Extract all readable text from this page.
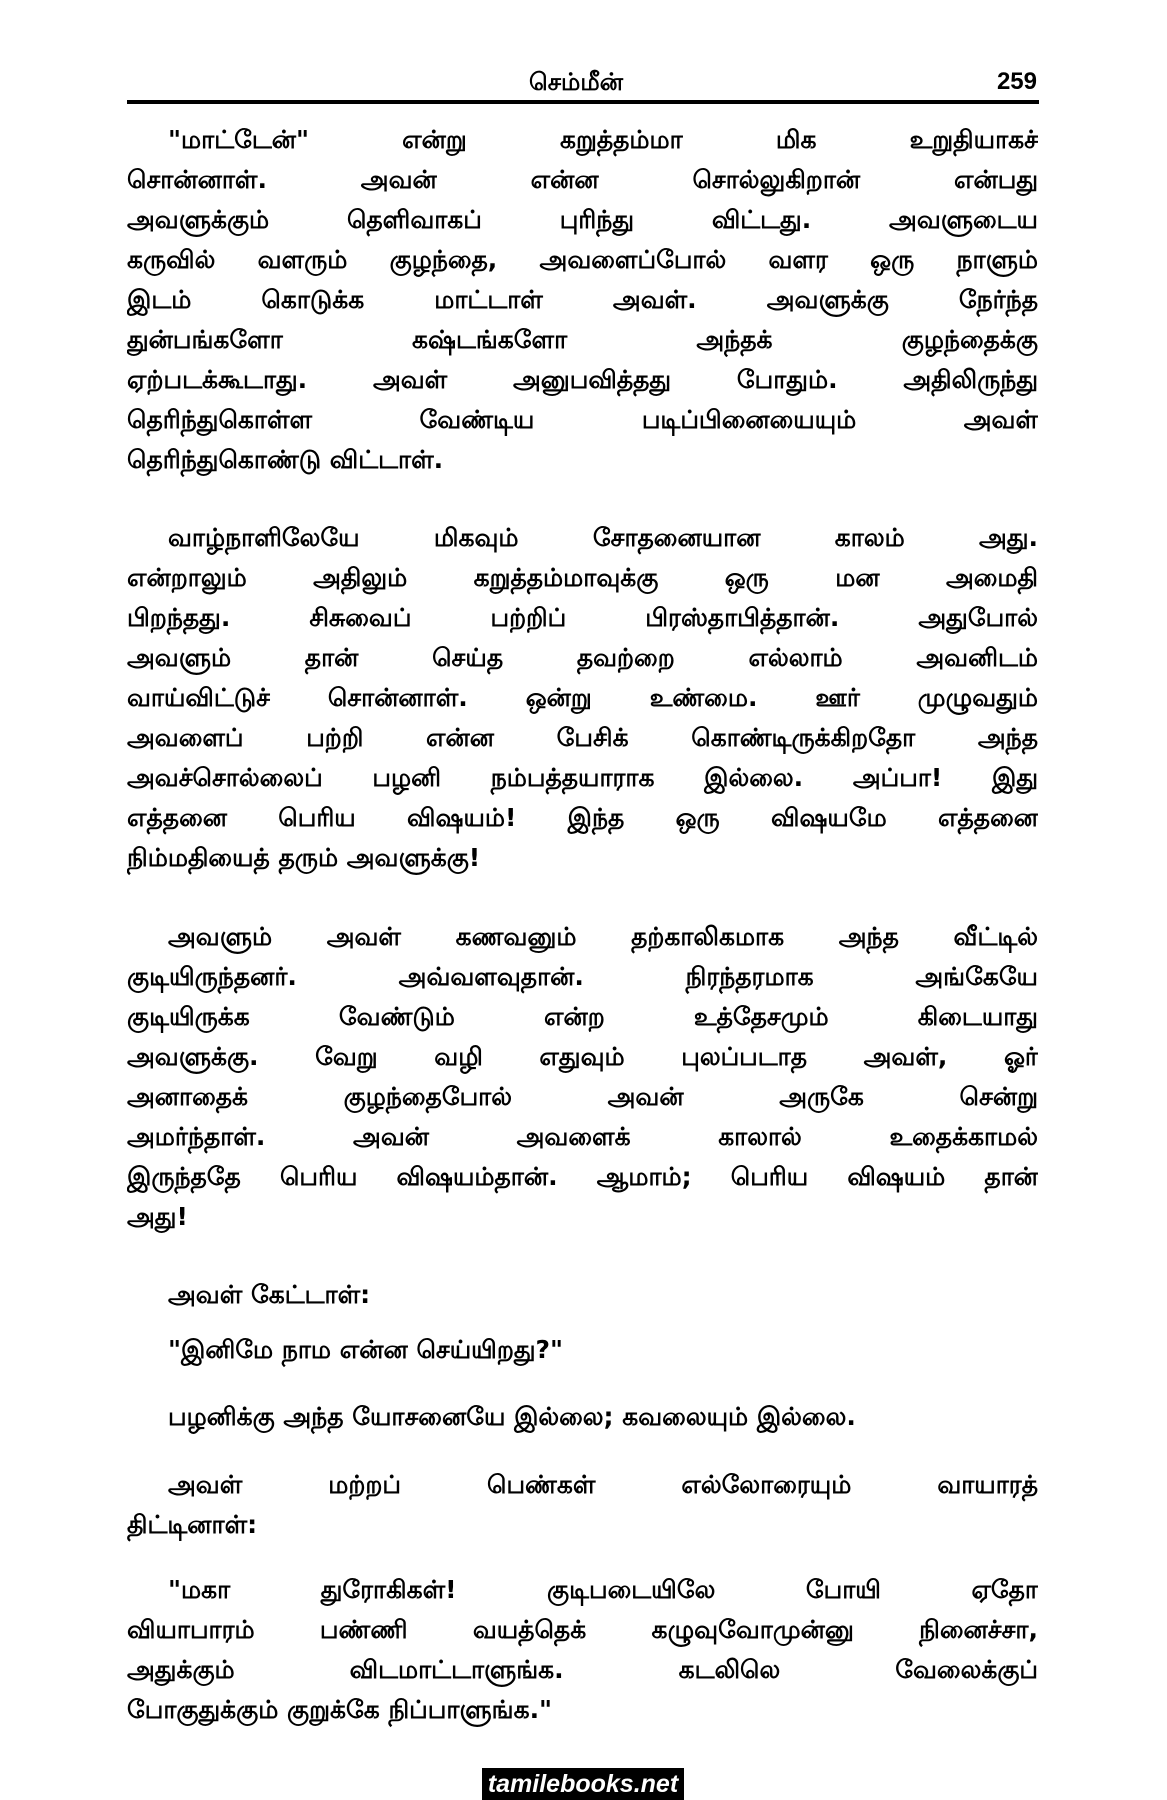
செம்மீன்	259
"மாட்டேன்" என்று கறுத்தம்மா மிக உறுதியாகச்
சொன்னாள். அவன் என்ன சொல்லுகிறான் என்பது
அவளுக்கும் தெளிவாகப் புரிந்து விட்டது. அவளுடைய
கருவில் வளரும் குழந்தை, அவளைப்போல் வளர ஒரு நாளும்
இடம் கொடுக்க மாட்டாள் அவள். அவளுக்கு நேர்ந்த
துன்பங்களோ கஷ்டங்களோ அந்தக் குழந்தைக்கு
ஏற்படக்கூடாது. அவள் அனுபவித்தது போதும். அதிலிருந்து
தெரிந்துகொள்ள வேண்டிய படிப்பினையையும் அவள்
தெரிந்துகொண்டு விட்டாள்.
வாழ்நாளிலேயே மிகவும் சோதனையான காலம் அது.
என்றாலும் அதிலும் கறுத்தம்மாவுக்கு ஒரு மன அமைதி
பிறந்தது. சிசுவைப் பற்றிப் பிரஸ்தாபித்தான். அதுபோல்
அவளும் தான் செய்த தவற்றை எல்லாம் அவனிடம்
வாய்விட்டுச் சொன்னாள். ஒன்று உண்மை. ஊர் முழுவதும்
அவளைப் பற்றி என்ன பேசிக் கொண்டிருக்கிறதோ அந்த
அவச்சொல்லைப் பழனி நம்பத்தயாராக இல்லை. அப்பா! இது
எத்தனை பெரிய விஷயம்! இந்த ஒரு விஷயமே எத்தனை
நிம்மதியைத் தரும் அவளுக்கு!
அவளும் அவள் கணவனும் தற்காலிகமாக அந்த வீட்டில்
குடியிருந்தனர். அவ்வளவுதான். நிரந்தரமாக அங்கேயே
குடியிருக்க வேண்டும் என்ற உத்தேசமும் கிடையாது
அவளுக்கு. வேறு வழி எதுவும் புலப்படாத அவள், ஓர்
அனாதைக் குழந்தைபோல் அவன் அருகே சென்று
அமர்ந்தாள். அவன் அவளைக் காலால் உதைக்காமல்
இருந்ததே பெரிய விஷயம்தான். ஆமாம்; பெரிய விஷயம் தான்
அது!
அவள் கேட்டாள்:
"இனிமே நாம என்ன செய்யிறது?"
பழனிக்கு அந்த யோசனையே இல்லை; கவலையும் இல்லை.
அவள் மற்றப் பெண்கள் எல்லோரையும் வாயாரத்
திட்டினாள்:
"மகா துரோகிகள்! குடிபடையிலே போயி ஏதோ
வியாபாரம் பண்ணி வயத்தெக் கழுவுவோமுன்னு நினைச்சா,
அதுக்கும் விடமாட்டாளுங்க. கடலிலெ வேலைக்குப்
போகுதுக்கும் குறுக்கே நிப்பாளுங்க."
tamilebooks.net
